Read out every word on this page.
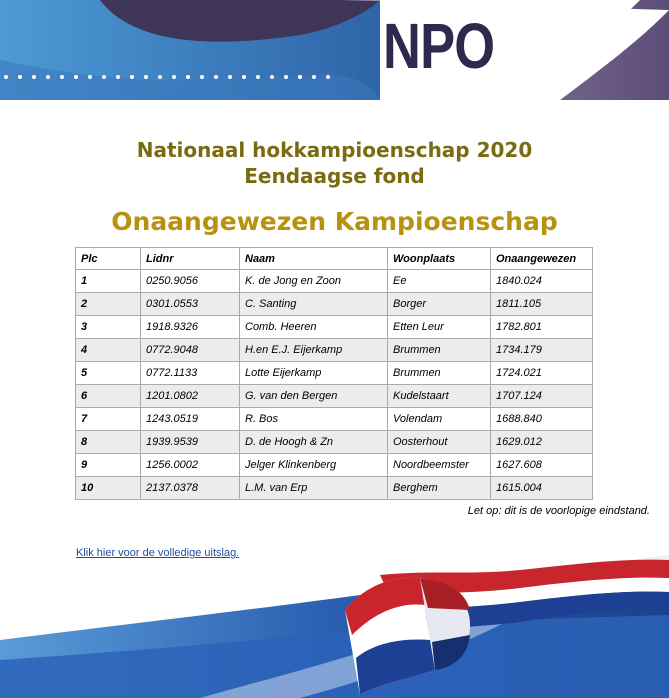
NPO

Nationaal hokkampioenschap 2020

Eendaagse fond

Onaangewezen Kampioenschap

Plc	Lidnr	Naam	Woonplaats	Onaangewezen
1	0250.9056	K. de Jong en Zoon	Ee	1840.024
2	0301.0553	C. Santing	Borger	1811.105
3	1918.9326	Comb. Heeren	Etten Leur	1782.801
4	0772.9048	H.en E.J. Eijerkamp	Brummen	1734.179
5	0772.1133	Lotte Eijerkamp	Brummen	1724.021
6	1201.0802	G. van den Bergen	Kudelstaart	1707.124
7	1243.0519	R. Bos	Volendam	1688.840
8	1939.9539	D. de Hoogh & Zn	Oosterhout	1629.012
9	1256.0002	Jelger Klinkenberg	Noordbeemster	1627.608
10	2137.0378	L.M. van Erp	Berghem	1615.004
Let op: dit is de voorlopige eindstand.
Klik hier voor de volledige uitslag.
